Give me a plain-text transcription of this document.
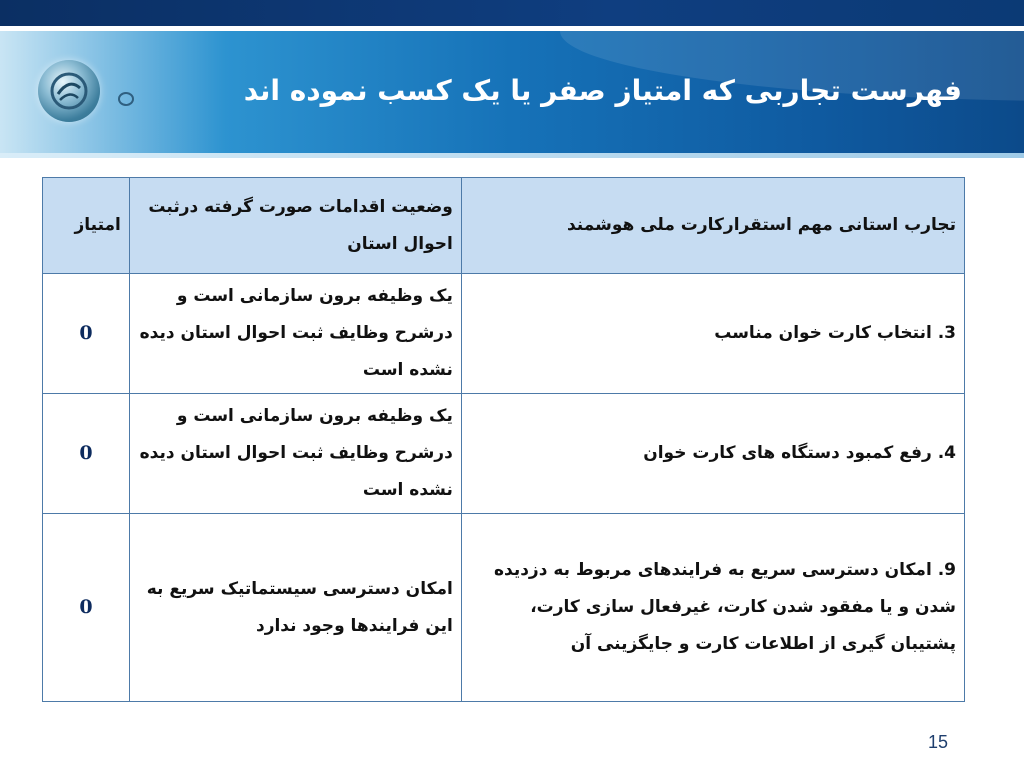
فهرست تجاربی که امتیاز صفر یا یک کسب نموده اند
تجارب استانی مهم استقرارکارت ملی هوشمند	وضعیت اقدامات صورت گرفته درثبت احوال استان	امتیاز
3. انتخاب کارت خوان مناسب	یک وظیفه برون سازمانی است و درشرح وظایف ثبت احوال استان دیده نشده است	0
4. رفع کمبود دستگاه های کارت خوان	یک وظیفه برون سازمانی است و درشرح وظایف ثبت احوال استان دیده نشده است	0
9. امکان دسترسی سریع به فرایندهای مربوط به دزدیده شدن و یا مفقود شدن کارت، غیرفعال سازی کارت، پشتیبان گیری از اطلاعات کارت و جایگزینی آن	امکان دسترسی سیستماتیک سریع به این فرایندها وجود ندارد	0
15
